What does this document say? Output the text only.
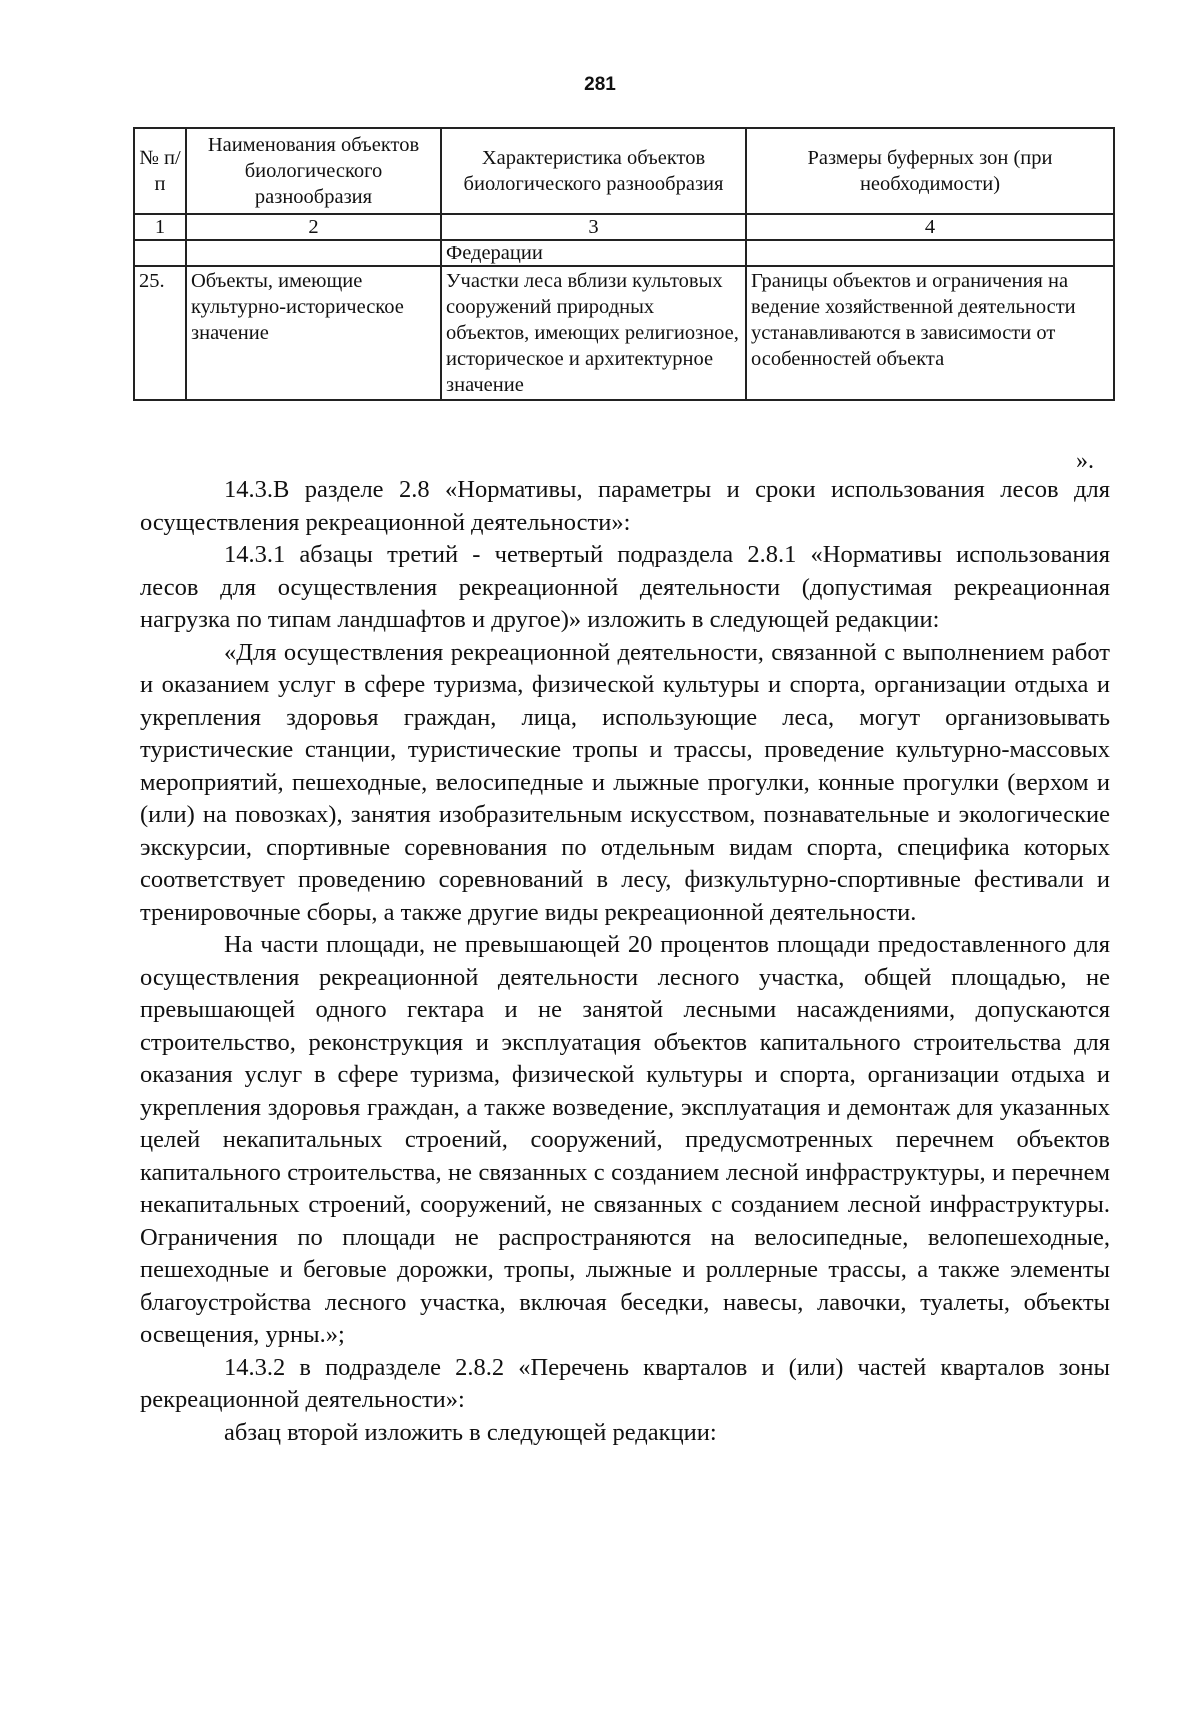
281
№ п/п	Наименования объектов биологического разнообразия	Характеристика объектов биологического разнообразия	Размеры буферных зон (при необходимости)
1	2	3	4
		Федерации	
25.	Объекты, имеющие культурно-историческое значение	Участки леса вблизи культовых сооружений природных объектов, имеющих религиозное, историческое и архитектурное значение	Границы объектов и ограничения на ведение хозяйственной деятельности устанавливаются в зависимости от особенностей объекта
».

14.3.В разделе 2.8 «Нормативы, параметры и сроки использования лесов для осуществления рекреационной деятельности»:

14.3.1 абзацы третий - четвертый подраздела 2.8.1 «Нормативы использования лесов для осуществления рекреационной деятельности (допустимая рекреационная нагрузка по типам ландшафтов и другое)» изложить в следующей редакции:

«Для осуществления рекреационной деятельности, связанной с выполнением работ и оказанием услуг в сфере туризма, физической культуры и спорта, организации отдыха и укрепления здоровья граждан, лица, использующие леса, могут организовывать туристические станции, туристические тропы и трассы, проведение культурно-массовых мероприятий, пешеходные, велосипедные и лыжные прогулки, конные прогулки (верхом и (или) на повозках), занятия изобразительным искусством, познавательные и экологические экскурсии, спортивные соревнования по отдельным видам спорта, специфика которых соответствует проведению соревнований в лесу, физкультурно-спортивные фестивали и тренировочные сборы, а также другие виды рекреационной деятельности.

На части площади, не превышающей 20 процентов площади предоставленного для осуществления рекреационной деятельности лесного участка, общей площадью, не превышающей одного гектара и не занятой лесными насаждениями, допускаются строительство, реконструкция и эксплуатация объектов капитального строительства для оказания услуг в сфере туризма, физической культуры и спорта, организации отдыха и укрепления здоровья граждан, а также возведение, эксплуатация и демонтаж для указанных целей некапитальных строений, сооружений, предусмотренных перечнем объектов капитального строительства, не связанных с созданием лесной инфраструктуры, и перечнем некапитальных строений, сооружений, не связанных с созданием лесной инфраструктуры. Ограничения по площади не распространяются на велосипедные, велопешеходные, пешеходные и беговые дорожки, тропы, лыжные и роллерные трассы, а также элементы благоустройства лесного участка, включая беседки, навесы, лавочки, туалеты, объекты освещения, урны.»;

14.3.2 в подразделе 2.8.2 «Перечень кварталов и (или) частей кварталов зоны рекреационной деятельности»:

абзац второй изложить в следующей редакции:
